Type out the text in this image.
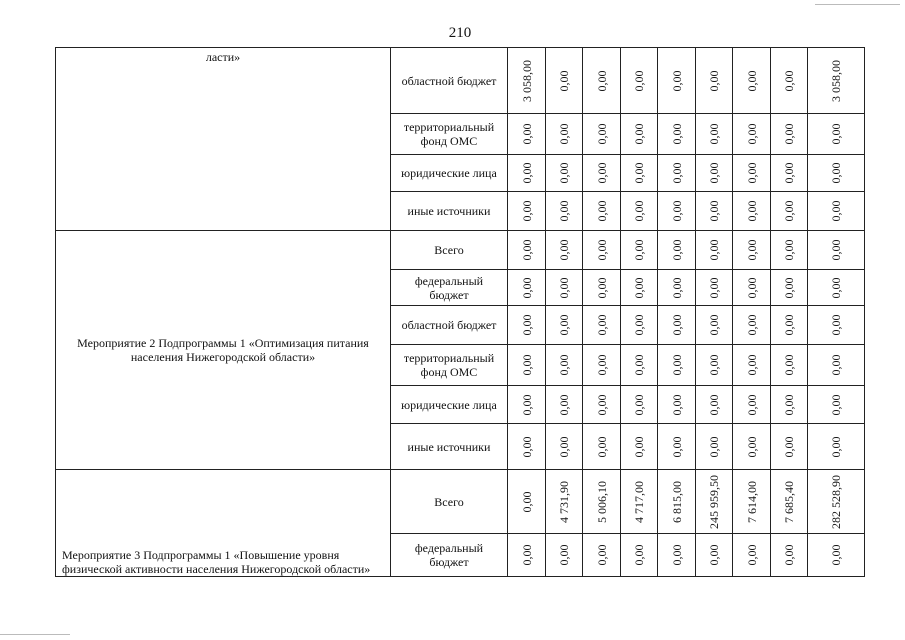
210
ласти»	областной бюджет	3 058,00	0,00	0,00	0,00	0,00	0,00	0,00	0,00	3 058,00

	территориальный фонд ОМС	0,00	0,00	0,00	0,00	0,00	0,00	0,00	0,00	0,00

	юридические лица	0,00	0,00	0,00	0,00	0,00	0,00	0,00	0,00	0,00

	иные источники	0,00	0,00	0,00	0,00	0,00	0,00	0,00	0,00	0,00

Мероприятие 2 Подпрограммы 1 «Оптимизация питания населения Нижегородской области»	Всего	0,00	0,00	0,00	0,00	0,00	0,00	0,00	0,00	0,00

	федеральный бюджет	0,00	0,00	0,00	0,00	0,00	0,00	0,00	0,00	0,00

	областной бюджет	0,00	0,00	0,00	0,00	0,00	0,00	0,00	0,00	0,00

	территориальный фонд ОМС	0,00	0,00	0,00	0,00	0,00	0,00	0,00	0,00	0,00

	юридические лица	0,00	0,00	0,00	0,00	0,00	0,00	0,00	0,00	0,00

	иные источники	0,00	0,00	0,00	0,00	0,00	0,00	0,00	0,00	0,00

Мероприятие 3 Подпрограммы 1 «Повышение уровня физической активности населения Нижегородской области»	Всего	0,00	4 731,90	5 006,10	4 717,00	6 815,00	245 959,50	7 614,00	7 685,40	282 528,90

	федеральный бюджет	0,00	0,00	0,00	0,00	0,00	0,00	0,00	0,00	0,00
